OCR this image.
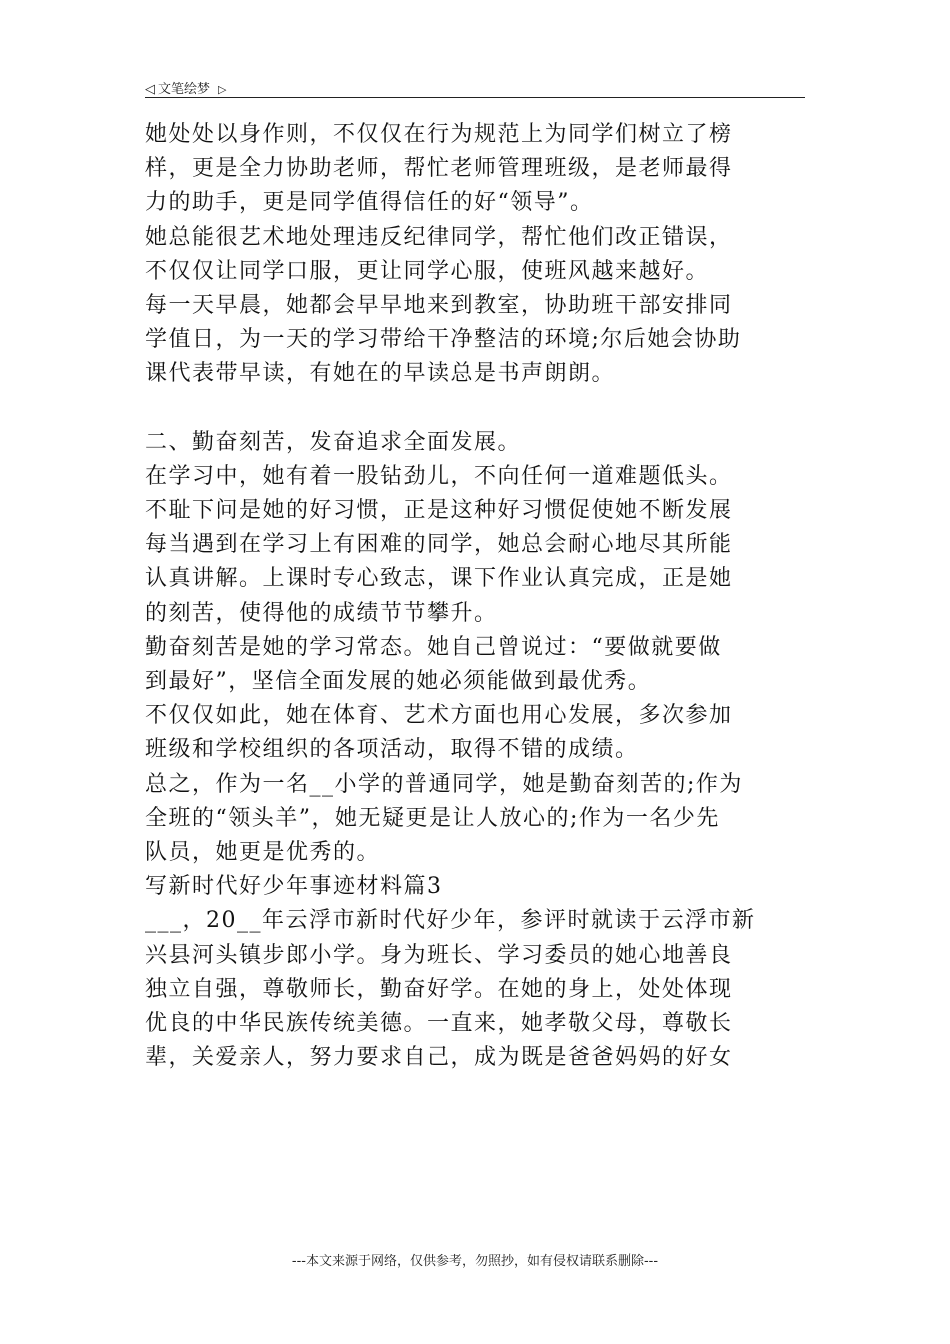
◁ 文笔绘梦 ▷
她处处以身作则，不仅仅在行为规范上为同学们树立了榜
样，更是全力协助老师，帮忙老师管理班级，是老师最得
力的助手，更是同学值得信任的好“领导”。
她总能很艺术地处理违反纪律同学，帮忙他们改正错误，
不仅仅让同学口服，更让同学心服，使班风越来越好。
每一天早晨，她都会早早地来到教室，协助班干部安排同
学值日，为一天的学习带给干净整洁的环境;尔后她会协助
课代表带早读，有她在的早读总是书声朗朗。
二、勤奋刻苦，发奋追求全面发展。
在学习中，她有着一股钻劲儿，不向任何一道难题低头。
不耻下问是她的好习惯，正是这种好习惯促使她不断发展
每当遇到在学习上有困难的同学，她总会耐心地尽其所能
认真讲解。上课时专心致志，课下作业认真完成，正是她
的刻苦，使得他的成绩节节攀升。
勤奋刻苦是她的学习常态。她自己曾说过：“要做就要做
到最好”，坚信全面发展的她必须能做到最优秀。
不仅仅如此，她在体育、艺术方面也用心发展，多次参加
班级和学校组织的各项活动，取得不错的成绩。
总之，作为一名__小学的普通同学，她是勤奋刻苦的;作为
全班的“领头羊”，她无疑更是让人放心的;作为一名少先
队员，她更是优秀的。
写新时代好少年事迹材料篇3
___，20__年云浮市新时代好少年，参评时就读于云浮市新
兴县河头镇步郎小学。身为班长、学习委员的她心地善良
独立自强，尊敬师长，勤奋好学。在她的身上，处处体现
优良的中华民族传统美德。一直来，她孝敬父母，尊敬长
辈，关爱亲人，努力要求自己，成为既是爸爸妈妈的好女
---本文来源于网络，仅供参考，勿照抄，如有侵权请联系删除---
